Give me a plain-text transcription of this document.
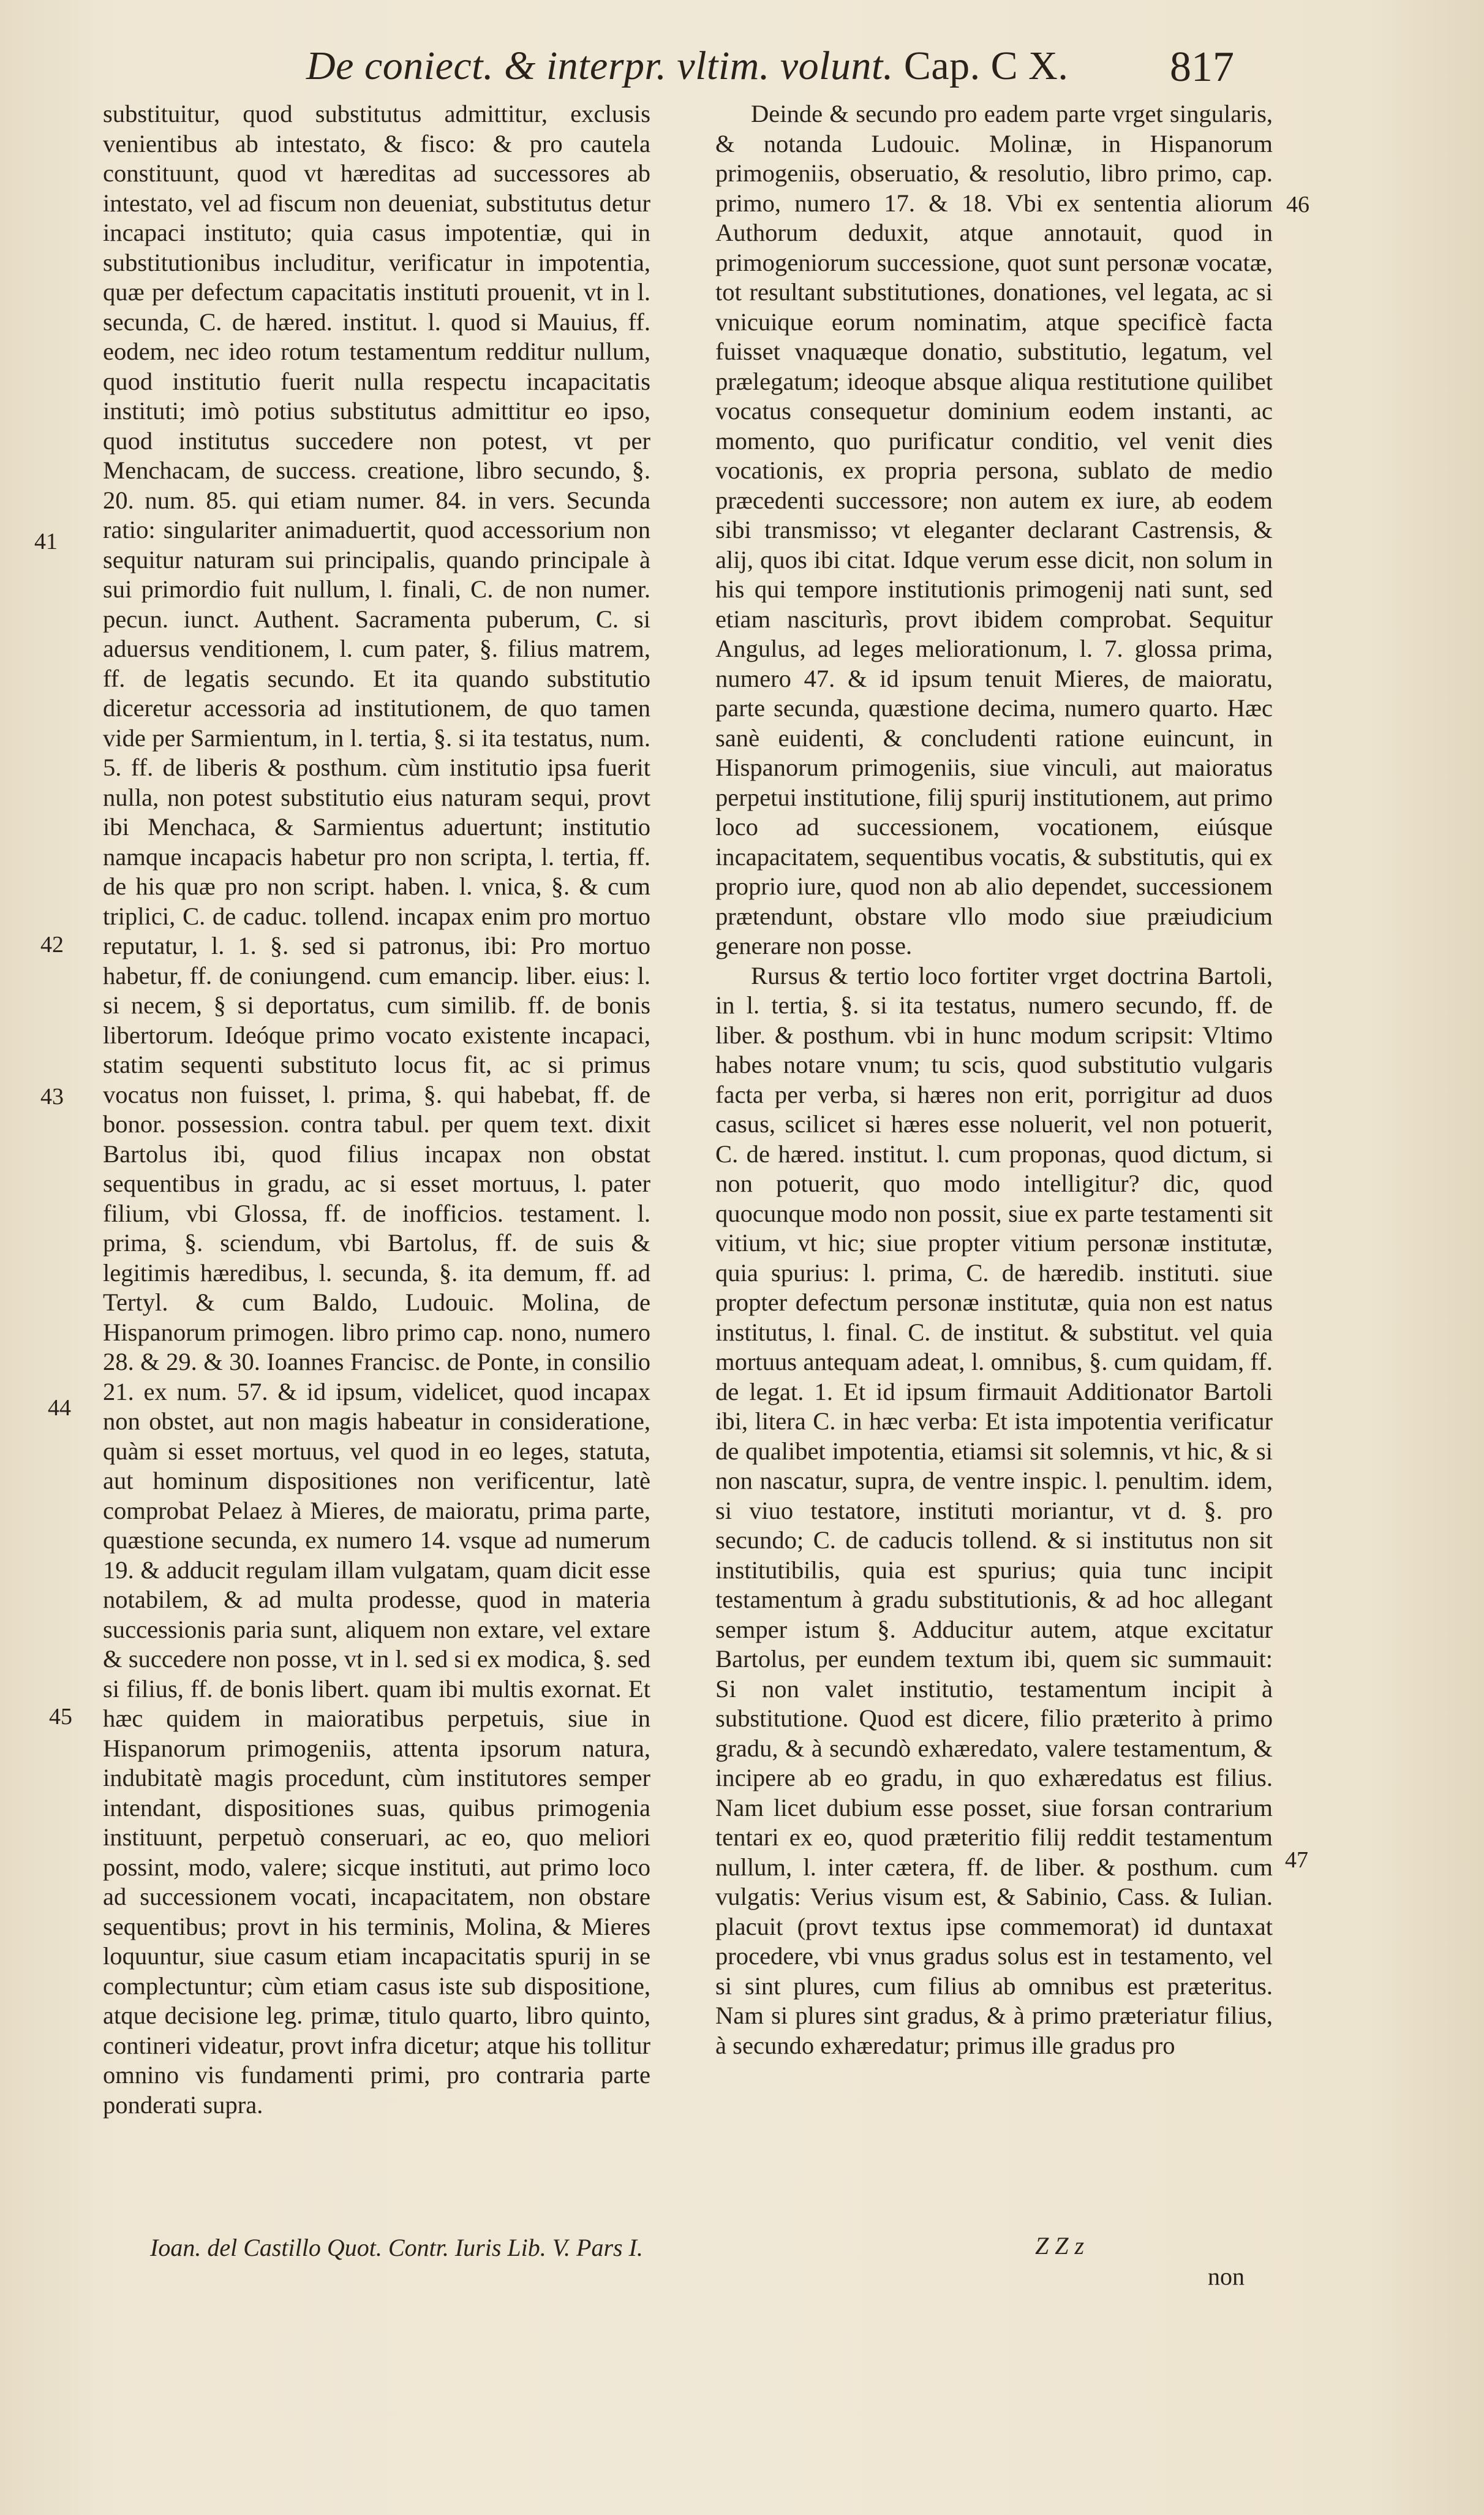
De coniect. & interpr. vltim. volunt. Cap. C X.	817

substituitur, quod substitutus admittitur, exclusis venientibus ab intestato, & fisco: & pro cautela constituunt, quod vt hæreditas ad successores ab intestato, vel ad fiscum non deueniat, substitutus detur incapaci instituto; quia casus impotentiæ, qui in substitutionibus includitur, verificatur in impotentia, quæ per defectum capacitatis instituti prouenit, vt in l. secunda, C. de hæred. institut. l. quod si Mauius, ff. eodem, nec ideo rotum testamentum redditur nullum, quod institutio fuerit nulla respectu incapacitatis instituti; imò potius substitutus admittitur eo ipso, quod institutus succedere non potest, vt per Menchacam, de success. creatione, libro secundo, §. 20. num. 85. qui etiam numer. 84. in vers. Secunda ratio: singulariter animaduertit, quod accessorium non sequitur naturam sui principalis, quando principale à sui primordio fuit nullum, l. finali, C. de non numer. pecun. iunct. Authent. Sacramenta puberum, C. si aduersus venditionem, l. cum pater, §. filius matrem, ff. de legatis secundo. Et ita quando substitutio diceretur accessoria ad institutionem, de quo tamen vide per Sarmientum, in l. tertia, §. si ita testatus, num. 5. ff. de liberis & posthum. cùm institutio ipsa fuerit nulla, non potest substitutio eius naturam sequi, provt ibi Menchaca, & Sarmientus aduertunt; institutio namque incapacis habetur pro non scripta, l. tertia, ff. de his quæ pro non script. haben. l. vnica, §. & cum triplici, C. de caduc. tollend. incapax enim pro mortuo reputatur, l. 1. §. sed si patronus, ibi: Pro mortuo habetur, ff. de coniungend. cum emancip. liber. eius: l. si necem, § si deportatus, cum similib. ff. de bonis libertorum. Ideóque primo vocato existente incapaci, statim sequenti substituto locus fit, ac si primus vocatus non fuisset, l. prima, §. qui habebat, ff. de bonor. possession. contra tabul. per quem text. dixit Bartolus ibi, quod filius incapax non obstat sequentibus in gradu, ac si esset mortuus, l. pater filium, vbi Glossa, ff. de inofficios. testament. l. prima, §. sciendum, vbi Bartolus, ff. de suis & legitimis hæredibus, l. secunda, §. ita demum, ff. ad Tertyl. & cum Baldo, Ludouic. Molina, de Hispanorum primogen. libro primo cap. nono, numero 28. & 29. & 30. Ioannes Francisc. de Ponte, in consilio 21. ex num. 57. & id ipsum, videlicet, quod incapax non obstet, aut non magis habeatur in consideratione, quàm si esset mortuus, vel quod in eo leges, statuta, aut hominum dispositiones non verificentur, latè comprobat Pelaez à Mieres, de maioratu, prima parte, quæstione secunda, ex numero 14. vsque ad numerum 19. & adducit regulam illam vulgatam, quam dicit esse notabilem, & ad multa prodesse, quod in materia successionis paria sunt, aliquem non extare, vel extare & succedere non posse, vt in l. sed si ex modica, §. sed si filius, ff. de bonis libert. quam ibi multis exornat. Et hæc quidem in maioratibus perpetuis, siue in Hispanorum primogeniis, attenta ipsorum natura, indubitatè magis procedunt, cùm institutores semper intendant, dispositiones suas, quibus primogenia instituunt, perpetuò conseruari, ac eo, quo meliori possint, modo, valere; sicque instituti, aut primo loco ad successionem vocati, incapacitatem, non obstare sequentibus; provt in his terminis, Molina, & Mieres loquuntur, siue casum etiam incapacitatis spurij in se complectuntur; cùm etiam casus iste sub dispositione, atque decisione leg. primæ, titulo quarto, libro quinto, contineri videatur, provt infra dicetur; atque his tollitur omnino vis fundamenti primi, pro contraria parte ponderati supra.

Deinde & secundo pro eadem parte vrget singularis, & notanda Ludouic. Molinæ, in Hispanorum primogeniis, obseruatio, & resolutio, libro primo, cap. primo, numero 17. & 18. Vbi ex sententia aliorum Authorum deduxit, atque annotauit, quod in primogeniorum successione, quot sunt personæ vocatæ, tot resultant substitutiones, donationes, vel legata, ac si vnicuique eorum nominatim, atque specificè facta fuisset vnaquæque donatio, substitutio, legatum, vel prælegatum; ideoque absque aliqua restitutione quilibet vocatus consequetur dominium eodem instanti, ac momento, quo purificatur conditio, vel venit dies vocationis, ex propria persona, sublato de medio præcedenti successore; non autem ex iure, ab eodem sibi transmisso; vt eleganter declarant Castrensis, & alij, quos ibi citat. Idque verum esse dicit, non solum in his qui tempore institutionis primogenij nati sunt, sed etiam nasciturìs, provt ibidem comprobat. Sequitur Angulus, ad leges meliorationum, l. 7. glossa prima, numero 47. & id ipsum tenuit Mieres, de maioratu, parte secunda, quæstione decima, numero quarto. Hæc sanè euidenti, & concludenti ratione euincunt, in Hispanorum primogeniis, siue vinculi, aut maioratus perpetui institutione, filij spurij institutionem, aut primo loco ad successionem, vocationem, eiúsque incapacitatem, sequentibus vocatis, & substitutis, qui ex proprio iure, quod non ab alio dependet, successionem prætendunt, obstare vllo modo siue præiudicium generare non posse.

Rursus & tertio loco fortiter vrget doctrina Bartoli, in l. tertia, §. si ita testatus, numero secundo, ff. de liber. & posthum. vbi in hunc modum scripsit: Vltimo habes notare vnum; tu scis, quod substitutio vulgaris facta per verba, si hæres non erit, porrigitur ad duos casus, scilicet si hæres esse noluerit, vel non potuerit, C. de hæred. institut. l. cum proponas, quod dictum, si non potuerit, quo modo intelligitur? dic, quod quocunque modo non possit, siue ex parte testamenti sit vitium, vt hic; siue propter vitium personæ institutæ, quia spurius: l. prima, C. de hæredib. instituti. siue propter defectum personæ institutæ, quia non est natus institutus, l. final. C. de institut. & substitut. vel quia mortuus antequam adeat, l. omnibus, §. cum quidam, ff. de legat. 1. Et id ipsum firmauit Additionator Bartoli ibi, litera C. in hæc verba: Et ista impotentia verificatur de qualibet impotentia, etiamsi sit solemnis, vt hic, & si non nascatur, supra, de ventre inspic. l. penultim. idem, si viuo testatore, instituti moriantur, vt d. §. pro secundo; C. de caducis tollend. & si institutus non sit institutibilis, quia est spurius; quia tunc incipit testamentum à gradu substitutionis, & ad hoc allegant semper istum §. Adducitur autem, atque excitatur Bartolus, per eundem textum ibi, quem sic summauit: Si non valet institutio, testamentum incipit à substitutione. Quod est dicere, filio præterito à primo gradu, & à secundò exhæredato, valere testamentum, & incipere ab eo gradu, in quo exhæredatus est filius. Nam licet dubium esse posset, siue forsan contrarium tentari ex eo, quod præteritio filij reddit testamentum nullum, l. inter cætera, ff. de liber. & posthum. cum vulgatis: Verius visum est, & Sabinio, Cass. & Iulian. placuit (provt textus ipse commemorat) id duntaxat procedere, vbi vnus gradus solus est in testamento, vel si sint plures, cum filius ab omnibus est præteritus. Nam si plures sint gradus, & à primo præteriatur filius, à secundo exhæredatur; primus ille gradus pro

41
42
43
44
45
46
47
Ioan. del Castillo Quot. Contr. Iuris Lib. V. Pars I.	Z Z z
non
